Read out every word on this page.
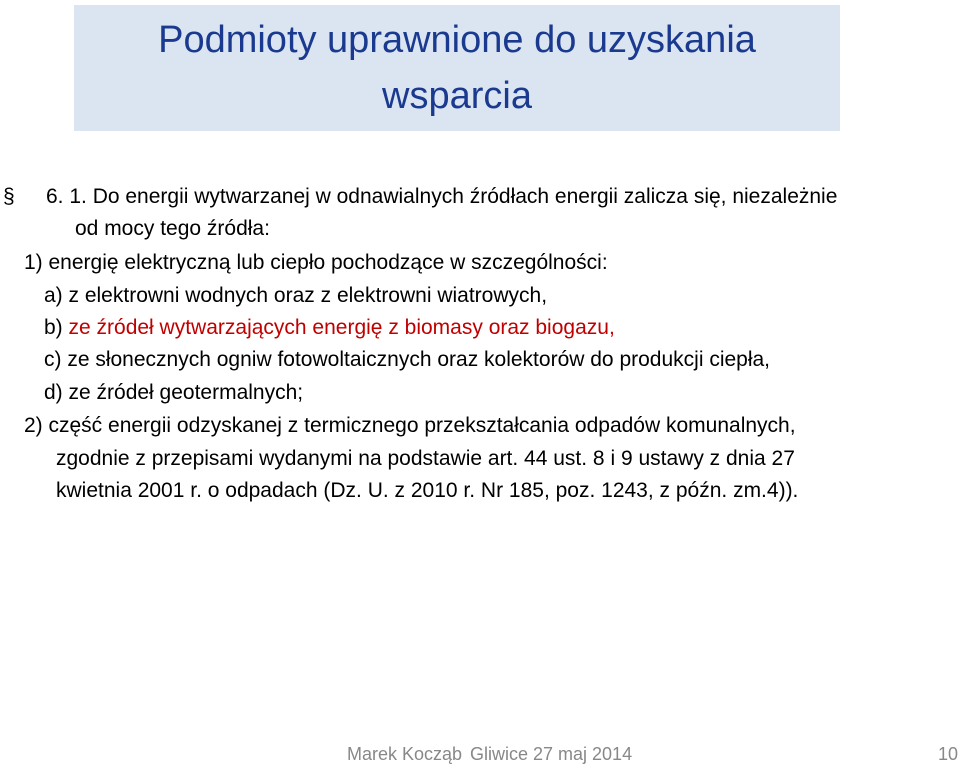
Podmioty uprawnione do uzyskania
wsparcia
§ 6. 1. Do energii wytwarzanej w odnawialnych źródłach energii zalicza się, niezależnie
od mocy tego źródła:
1) energię elektryczną lub ciepło pochodzące w szczególności:
a) z elektrowni wodnych oraz z elektrowni wiatrowych,
b) ze źródeł wytwarzających energię z biomasy oraz biogazu,
c) ze słonecznych ogniw fotowoltaicznych oraz kolektorów do produkcji ciepła,
d) ze źródeł geotermalnych;
2) część energii odzyskanej z termicznego przekształcania odpadów komunalnych,
zgodnie z przepisami wydanymi na podstawie art. 44 ust. 8 i 9 ustawy z dnia 27
kwietnia 2001 r. o odpadach (Dz. U. z 2010 r. Nr 185, poz. 1243, z późn. zm.4)).
Marek Kocząb Gliwice 27 maj 2014	10
